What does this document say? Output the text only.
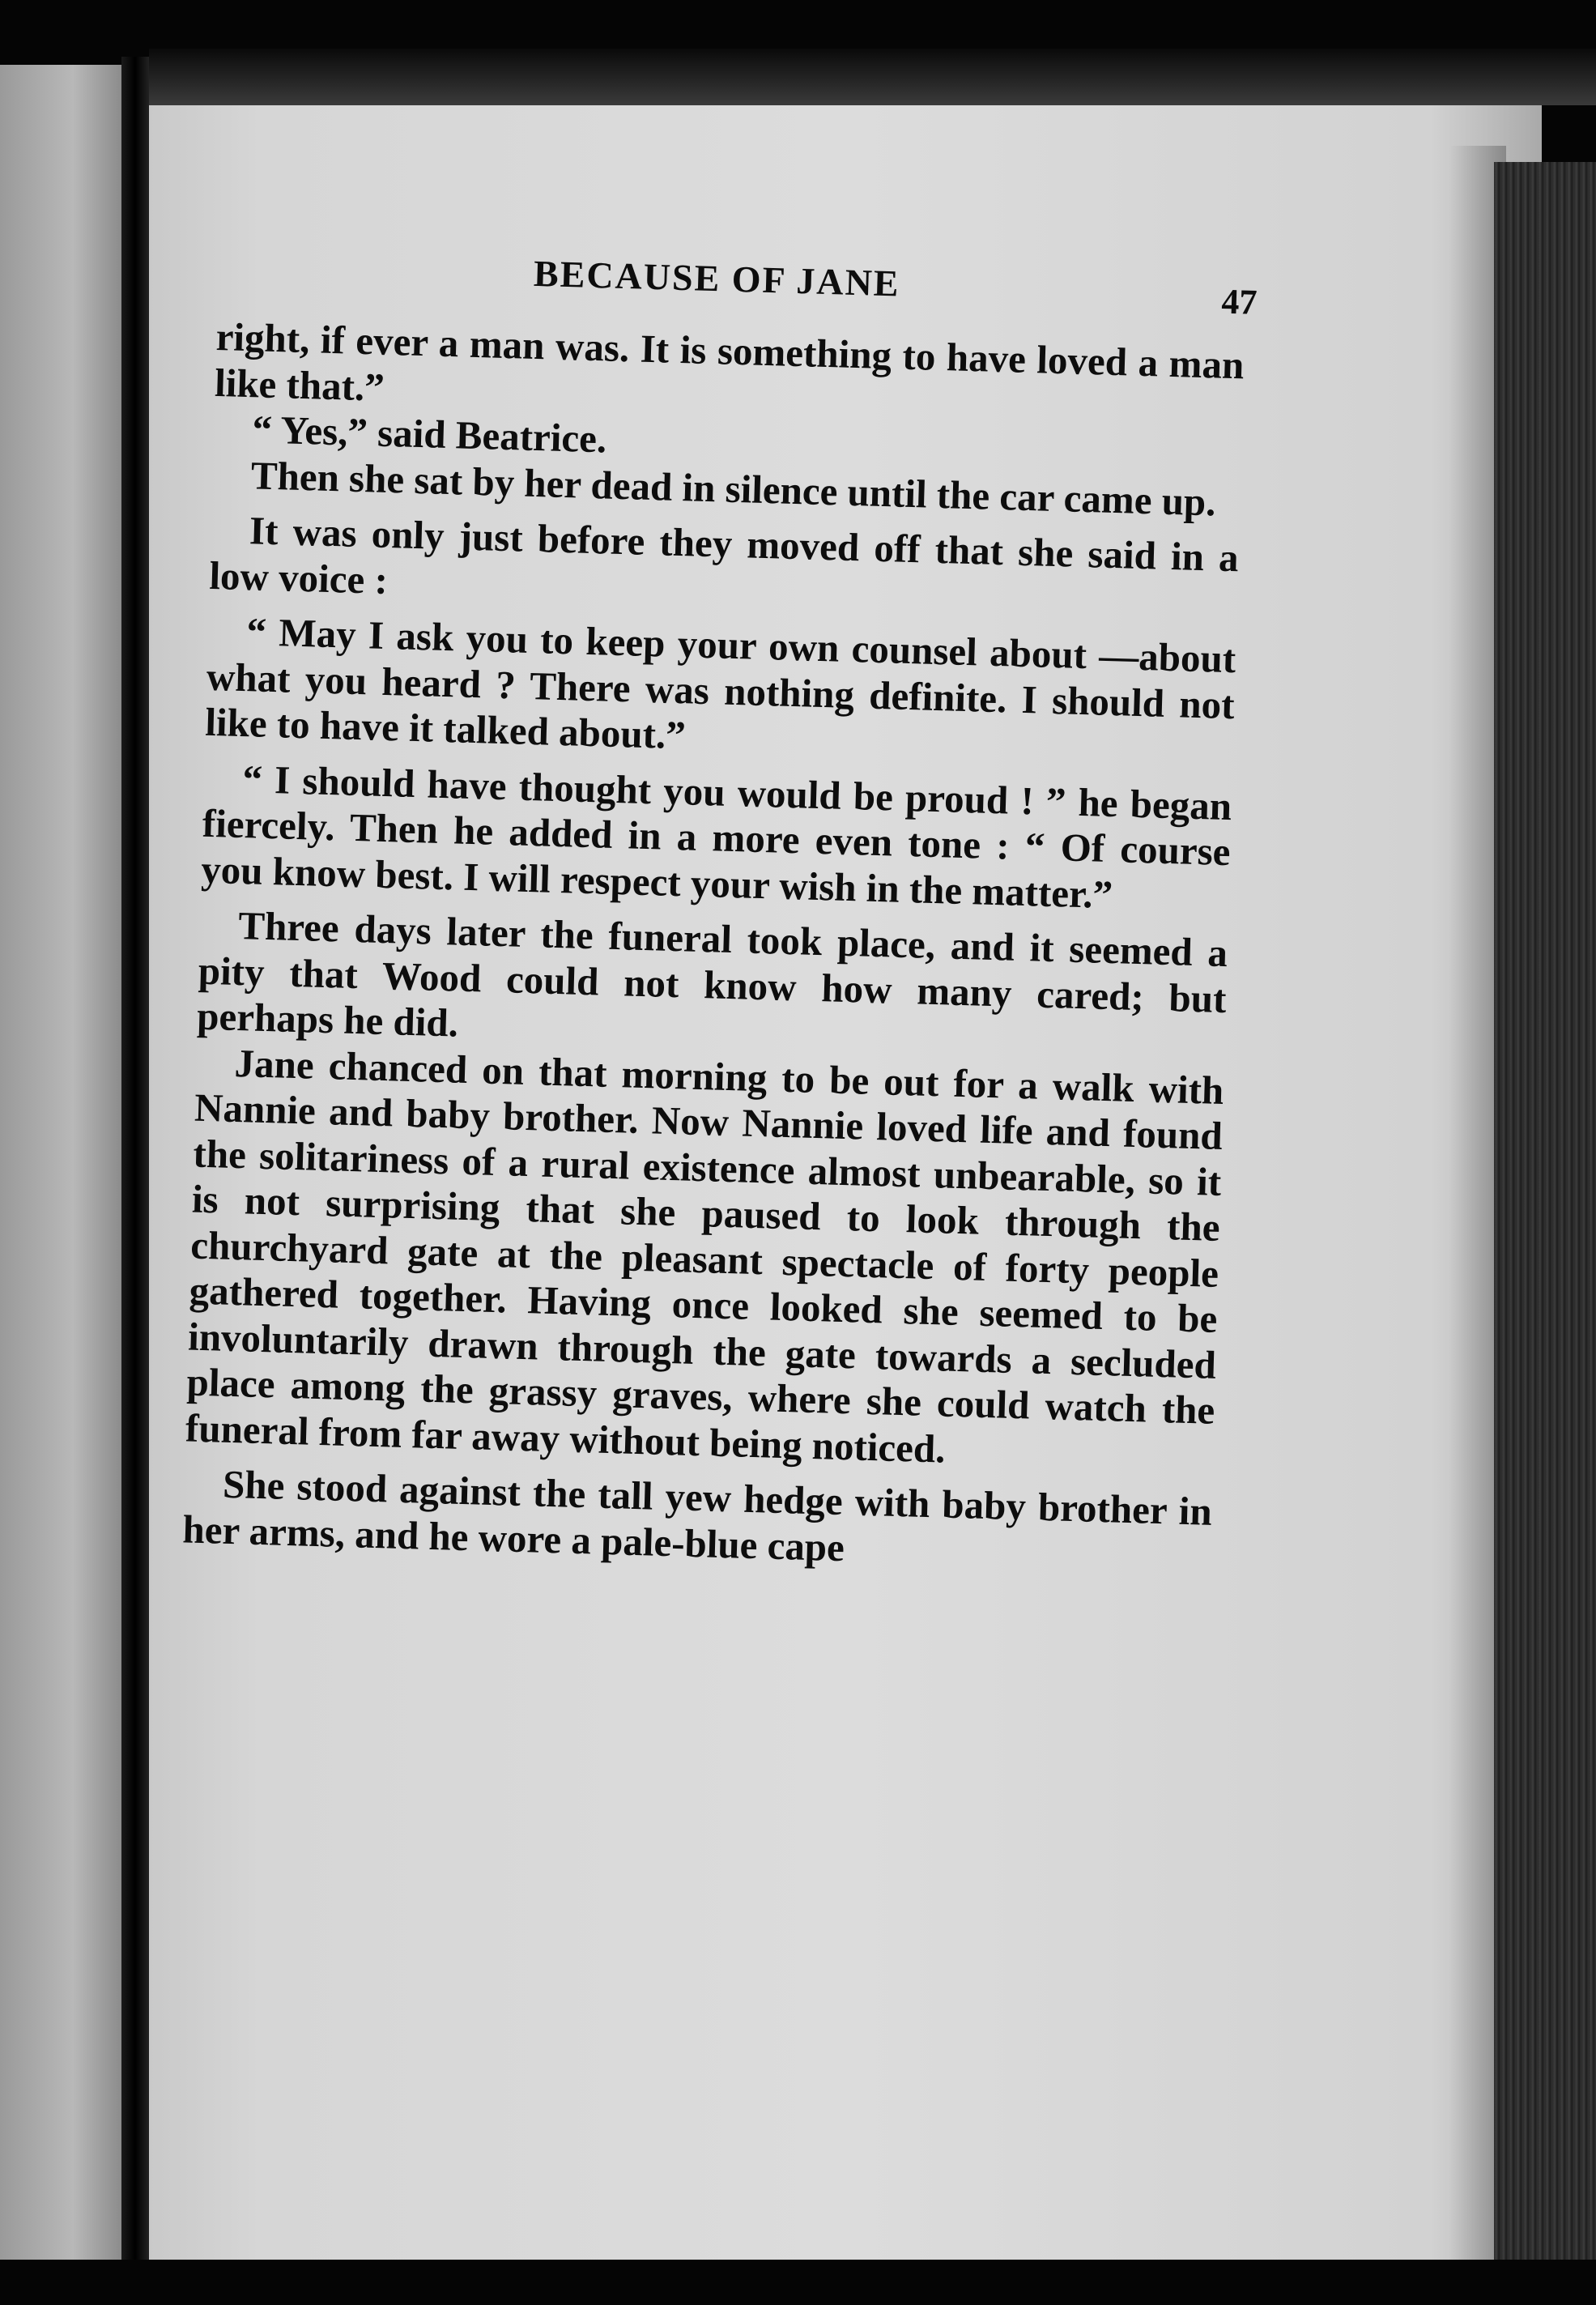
BECAUSE OF JANE	47

right, if ever a man was. It is something to have loved a man like that.”

“ Yes,” said Beatrice.

Then she sat by her dead in silence until the car came up.

It was only just before they moved off that she said in a low voice :

“ May I ask you to keep your own counsel about —about what you heard ? There was nothing definite. I should not like to have it talked about.”

“ I should have thought you would be proud ! ” he began fiercely. Then he added in a more even tone : “ Of course you know best. I will respect your wish in the matter.”

Three days later the funeral took place, and it seemed a pity that Wood could not know how many cared; but perhaps he did.

Jane chanced on that morning to be out for a walk with Nannie and baby brother. Now Nannie loved life and found the solitariness of a rural existence almost unbearable, so it is not surprising that she paused to look through the churchyard gate at the pleasant spectacle of forty people gathered together. Having once looked she seemed to be involuntarily drawn through the gate towards a secluded place among the grassy graves, where she could watch the funeral from far away without being noticed.

She stood against the tall yew hedge with baby brother in her arms, and he wore a pale-blue cape
